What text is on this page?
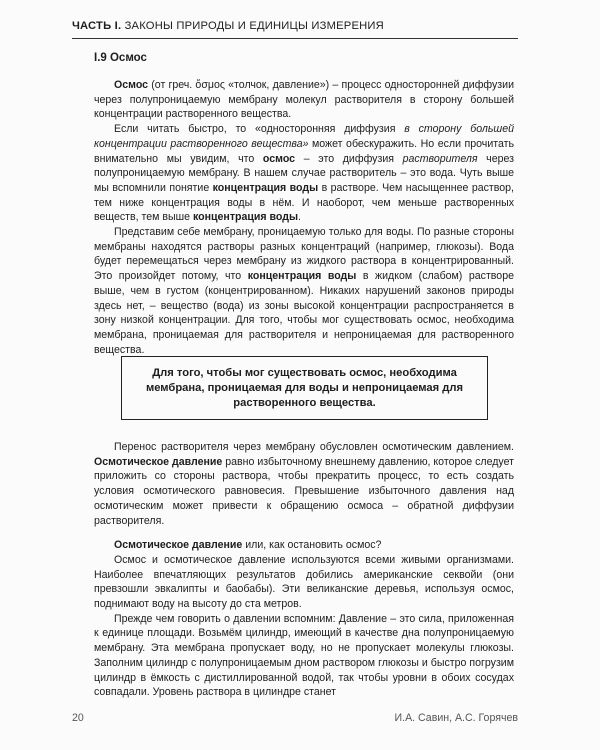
ЧАСТЬ I. ЗАКОНЫ ПРИРОДЫ И ЕДИНИЦЫ ИЗМЕРЕНИЯ
I.9 Осмос

Осмос (от греч. ὄσμος «толчок, давление») – процесс односторонней диффузии через полупроницаемую мембрану молекул растворителя в сторону большей концентрации растворенного вещества.

Если читать быстро, то «односторонняя диффузия в сторону большей концентрации растворенного вещества» может обескуражить. Но если прочитать внимательно мы увидим, что осмос – это диффузия растворителя через полупроницаемую мембрану. В нашем случае растворитель – это вода. Чуть выше мы вспомнили понятие концентрация воды в растворе. Чем насыщеннее раствор, тем ниже концентрация воды в нём. И наоборот, чем меньше растворенных веществ, тем выше концентрация воды.

Представим себе мембрану, проницаемую только для воды. По разные стороны мембраны находятся растворы разных концентраций (например, глюкозы). Вода будет перемещаться через мембрану из жидкого раствора в концентрированный. Это произойдет потому, что концентрация воды в жидком (слабом) растворе выше, чем в густом (концентрированном). Никаких нарушений законов природы здесь нет, – вещество (вода) из зоны высокой концентрации распространяется в зону низкой концентрации. Для того, чтобы мог существовать осмос, необходима мембрана, проницаемая для растворителя и непроницаемая для растворенного вещества.

Для того, чтобы мог существовать осмос, необходима мембрана, проницаемая для воды и непроницаемая для растворенного вещества.

Перенос растворителя через мембрану обусловлен осмотическим давлением. Осмотическое давление равно избыточному внешнему давлению, которое следует приложить со стороны раствора, чтобы прекратить процесс, то есть создать условия осмотического равновесия. Превышение избыточного давления над осмотическим может привести к обращению осмоса – обратной диффузии растворителя.

Осмотическое давление или, как остановить осмос?

Осмос и осмотическое давление используются всеми живыми организмами. Наиболее впечатляющих результатов добились американские секвойи (они превзошли эвкалипты и баобабы). Эти великанские деревья, используя осмос, поднимают воду на высоту до ста метров.

Прежде чем говорить о давлении вспомним: Давление – это сила, приложенная к единице площади. Возьмём цилиндр, имеющий в качестве дна полупроницаемую мембрану. Эта мембрана пропускает воду, но не пропускает молекулы глюкозы. Заполним цилиндр с полупроницаемым дном раствором глюкозы и быстро погрузим цилиндр в ёмкость с дистиллированной водой, так чтобы уровни в обоих сосудах совпадали. Уровень раствора в цилиндре станет

20	И.А. Савин, А.С. Горячев
